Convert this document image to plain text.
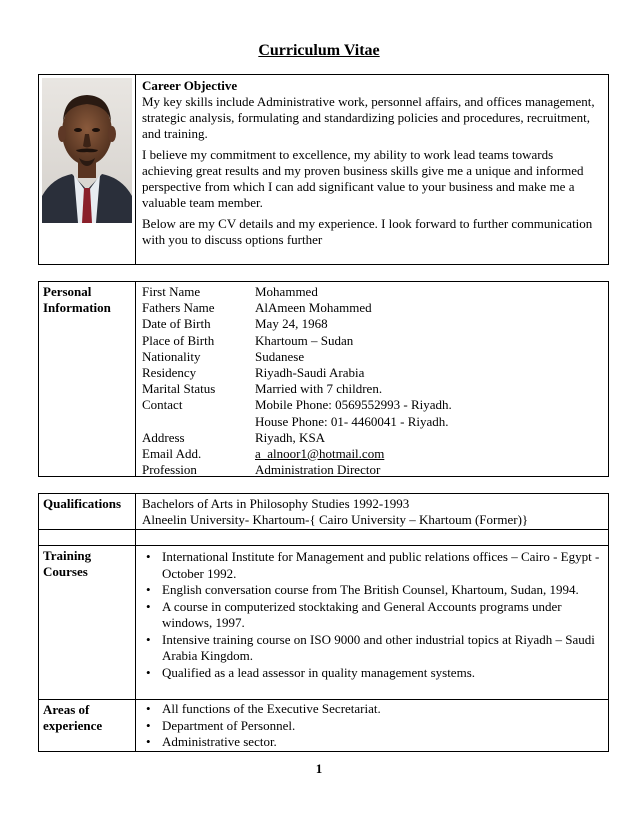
Curriculum Vitae

Career Objective

My key skills include Administrative work, personnel affairs, and offices management, strategic analysis, formulating and standardizing policies and procedures, recruitment, and training.

I believe my commitment to excellence, my ability to work lead teams towards achieving great results and my proven business skills give me a unique and informed perspective from which I can add significant value to your business and make me a valuable team member.

Below are my CV details and my experience. I look forward to further communication with you to discuss options further

Personal
Information
First Name	Mohammed
Fathers Name	AlAmeen Mohammed
Date of Birth	May 24, 1968
Place of Birth	Khartoum – Sudan
Nationality	Sudanese
Residency	Riyadh-Saudi Arabia
Marital Status	Married with 7 children.
Contact	Mobile Phone: 0569552993 - Riyadh.
House Phone: 01- 4460041 - Riyadh.
Address	Riyadh, KSA
Email Add.	a_alnoor1@hotmail.com
Profession	Administration Director
Qualifications	Bachelors of Arts in Philosophy Studies 1992-1993

Alneelin University- Khartoum-{ Cairo University – Khartoum (Former)}

Training
Courses
• International Institute for Management and public relations offices – Cairo - Egypt - October 1992.
• English conversation course from The British Counsel, Khartoum, Sudan, 1994.
• A course in computerized stocktaking and General Accounts programs under windows, 1997.
• Intensive training course on ISO 9000 and other industrial topics at Riyadh – Saudi Arabia Kingdom.
• Qualified as a lead assessor in quality management systems.
Areas of
experience
• All functions of the Executive Secretariat.
• Department of Personnel.
• Administrative sector.
1
